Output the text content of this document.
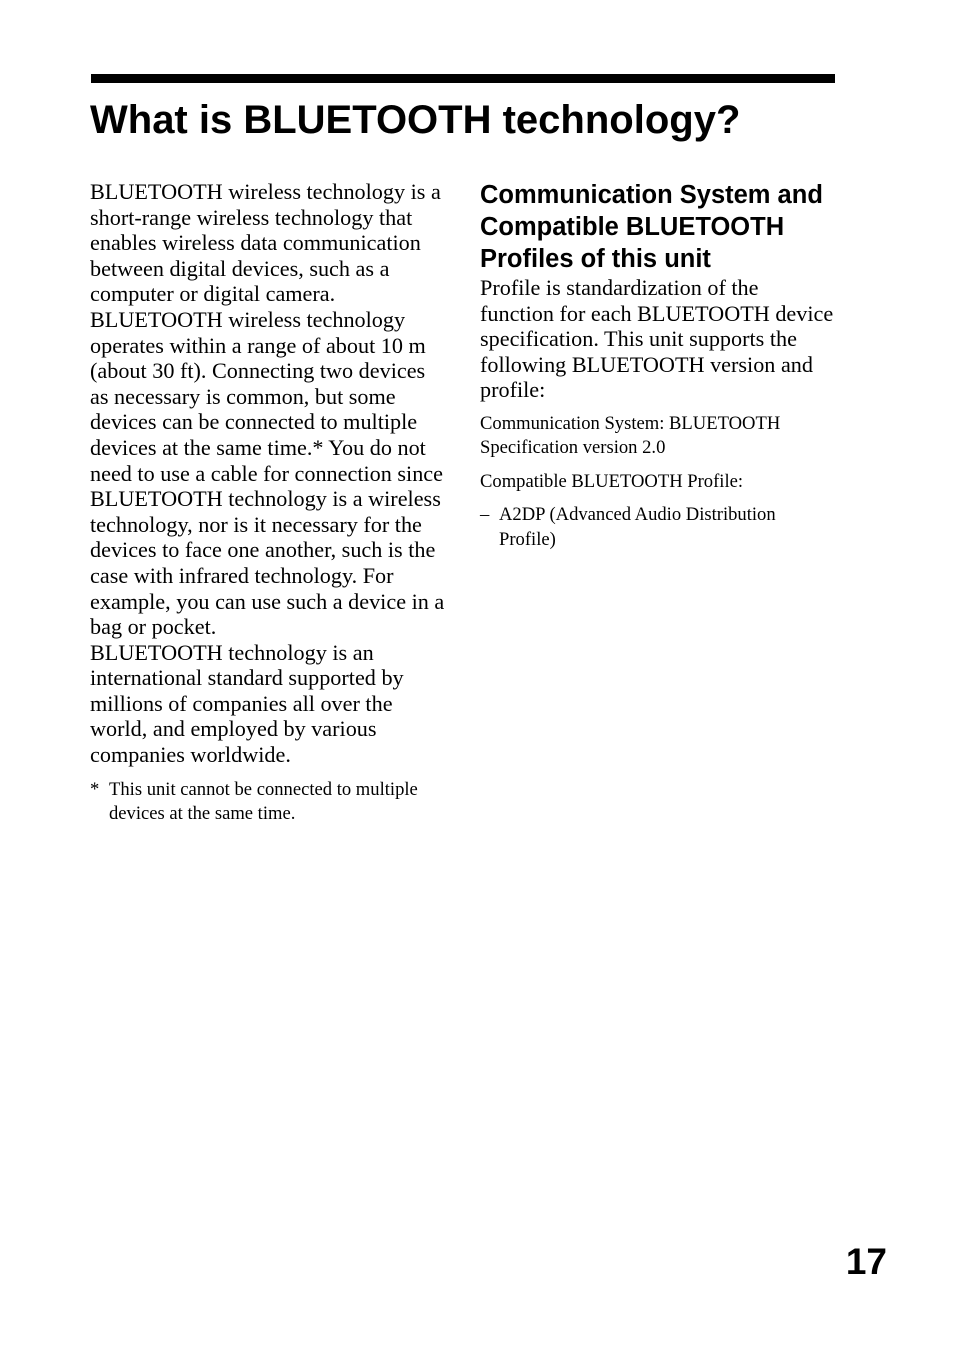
What is BLUETOOTH technology?

BLUETOOTH wireless technology is a short-range wireless technology that enables wireless data communication between digital devices, such as a computer or digital camera. BLUETOOTH wireless technology operates within a range of about 10 m (about 30 ft). Connecting two devices as necessary is common, but some devices can be connected to multiple devices at the same time.* You do not need to use a cable for connection since BLUETOOTH technology is a wireless technology, nor is it necessary for the devices to face one another, such is the case with infrared technology. For example, you can use such a device in a bag or pocket.

BLUETOOTH technology is an international standard supported by millions of companies all over the world, and employed by various companies worldwide.

* This unit cannot be connected to multiple devices at the same time.
Communication System and Compatible BLUETOOTH Profiles of this unit

Profile is standardization of the function for each BLUETOOTH device specification. This unit supports the following BLUETOOTH version and profile:

Communication System: BLUETOOTH Specification version 2.0

Compatible BLUETOOTH Profile:

– A2DP (Advanced Audio Distribution Profile)
17
